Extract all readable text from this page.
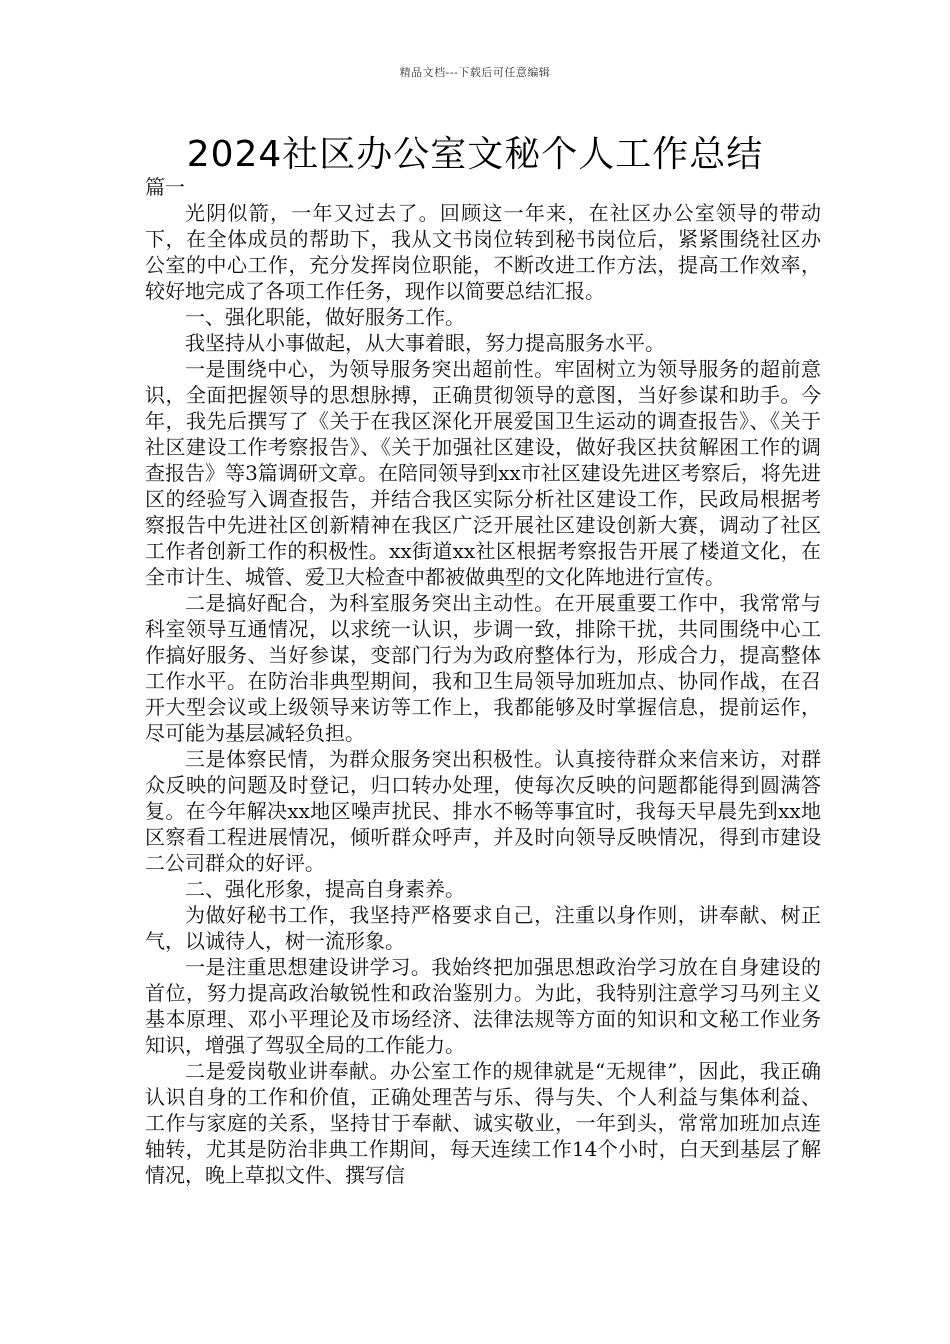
精品文档---下载后可任意编辑
2024社区办公室文秘个人工作总结

篇一

光阴似箭，一年又过去了。回顾这一年来，在社区办公室领导的带动下，在全体成员的帮助下，我从文书岗位转到秘书岗位后，紧紧围绕社区办公室的中心工作，充分发挥岗位职能，不断改进工作方法，提高工作效率，较好地完成了各项工作任务，现作以简要总结汇报。

一、强化职能，做好服务工作。

我坚持从小事做起，从大事着眼，努力提高服务水平。

一是围绕中心，为领导服务突出超前性。牢固树立为领导服务的超前意识，全面把握领导的思想脉搏，正确贯彻领导的意图，当好参谋和助手。今年，我先后撰写了《关于在我区深化开展爱国卫生运动的调查报告》、《关于社区建设工作考察报告》、《关于加强社区建设，做好我区扶贫解困工作的调查报告》等3篇调研文章。在陪同领导到xx市社区建设先进区考察后，将先进区的经验写入调查报告，并结合我区实际分析社区建设工作，民政局根据考察报告中先进社区创新精神在我区广泛开展社区建设创新大赛，调动了社区工作者创新工作的积极性。xx街道xx社区根据考察报告开展了楼道文化，在全市计生、城管、爱卫大检查中都被做典型的文化阵地进行宣传。

二是搞好配合，为科室服务突出主动性。在开展重要工作中，我常常与科室领导互通情况，以求统一认识，步调一致，排除干扰，共同围绕中心工作搞好服务、当好参谋，变部门行为为政府整体行为，形成合力，提高整体工作水平。在防治非典型期间，我和卫生局领导加班加点、协同作战，在召开大型会议或上级领导来访等工作上，我都能够及时掌握信息，提前运作，尽可能为基层减轻负担。

三是体察民情，为群众服务突出积极性。认真接待群众来信来访，对群众反映的问题及时登记，归口转办处理，使每次反映的问题都能得到圆满答复。在今年解决xx地区噪声扰民、排水不畅等事宜时，我每天早晨先到xx地区察看工程进展情况，倾听群众呼声，并及时向领导反映情况，得到市建设二公司群众的好评。

二、强化形象，提高自身素养。

为做好秘书工作，我坚持严格要求自己，注重以身作则，讲奉献、树正气，以诚待人，树一流形象。

一是注重思想建设讲学习。我始终把加强思想政治学习放在自身建设的首位，努力提高政治敏锐性和政治鉴别力。为此，我特别注意学习马列主义基本原理、邓小平理论及市场经济、法律法规等方面的知识和文秘工作业务知识，增强了驾驭全局的工作能力。

二是爱岗敬业讲奉献。办公室工作的规律就是“无规律”，因此，我正确认识自身的工作和价值，正确处理苦与乐、得与失、个人利益与集体利益、工作与家庭的关系，坚持甘于奉献、诚实敬业，一年到头，常常加班加点连轴转，尤其是防治非典工作期间，每天连续工作14个小时，白天到基层了解情况，晚上草拟文件、撰写信
